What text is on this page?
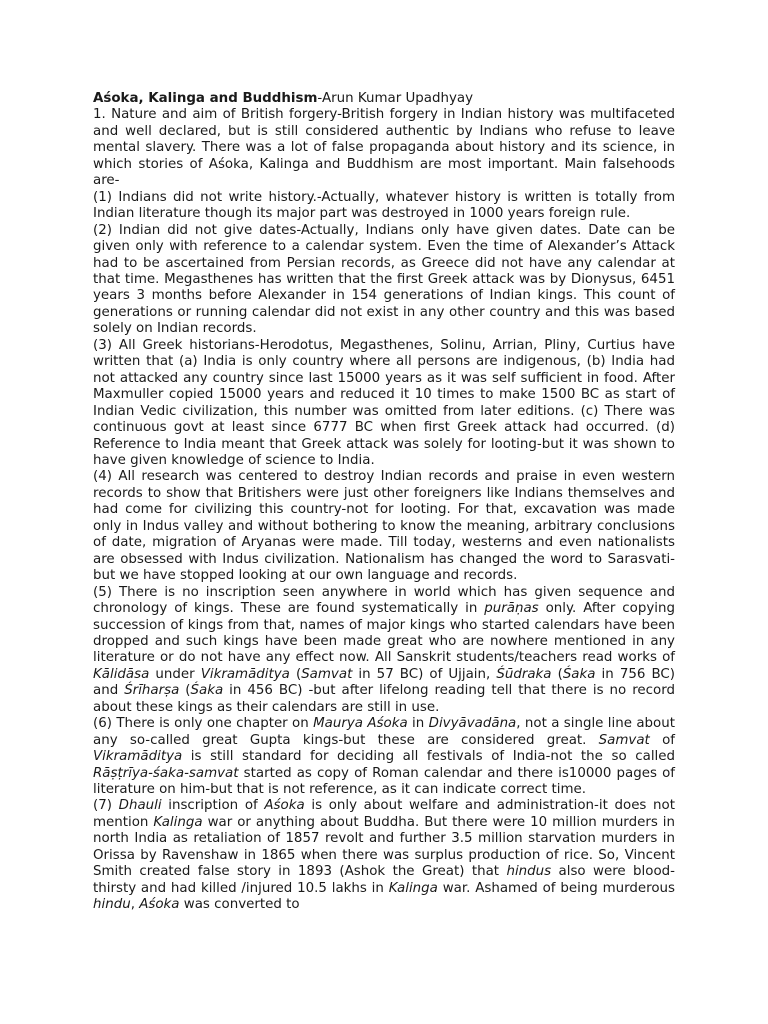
Aśoka, Kalinga and Buddhism-Arun Kumar Upadhyay

1. Nature and aim of British forgery-British forgery in Indian history was multifaceted and well declared, but is still considered authentic by Indians who refuse to leave mental slavery. There was a lot of false propaganda about history and its science, in which stories of Aśoka, Kalinga and Buddhism are most important. Main falsehoods are-

(1) Indians did not write history.-Actually, whatever history is written is totally from Indian literature though its major part was destroyed in 1000 years foreign rule.

(2) Indian did not give dates-Actually, Indians only have given dates. Date can be given only with reference to a calendar system. Even the time of Alexander’s Attack had to be ascertained from Persian records, as Greece did not have any calendar at that time. Megasthenes has written that the first Greek attack was by Dionysus, 6451 years 3 months before Alexander in 154 generations of Indian kings. This count of generations or running calendar did not exist in any other country and this was based solely on Indian records.

(3) All Greek historians-Herodotus, Megasthenes, Solinu, Arrian, Pliny, Curtius have written that (a) India is only country where all persons are indigenous, (b) India had not attacked any country since last 15000 years as it was self sufficient in food. After Maxmuller copied 15000 years and reduced it 10 times to make 1500 BC as start of Indian Vedic civilization, this number was omitted from later editions. (c) There was continuous govt at least since 6777 BC when first Greek attack had occurred. (d) Reference to India meant that Greek attack was solely for looting-but it was shown to have given knowledge of science to India.

(4) All research was centered to destroy Indian records and praise in even western records to show that Britishers were just other foreigners like Indians themselves and had come for civilizing this country-not for looting. For that, excavation was made only in Indus valley and without bothering to know the meaning, arbitrary conclusions of date, migration of Aryanas were made. Till today, westerns and even nationalists are obsessed with Indus civilization. Nationalism has changed the word to Sarasvati-but we have stopped looking at our own language and records.

(5) There is no inscription seen anywhere in world which has given sequence and chronology of kings. These are found systematically in purāṇas only. After copying succession of kings from that, names of major kings who started calendars have been dropped and such kings have been made great who are nowhere mentioned in any literature or do not have any effect now. All Sanskrit students/teachers read works of Kālidāsa under Vikramāditya (Samvat in 57 BC) of Ujjain, Śūdraka (Śaka in 756 BC) and Śrīharṣa (Śaka in 456 BC) -but after lifelong reading tell that there is no record about these kings as their calendars are still in use.

(6) There is only one chapter on Maurya Aśoka in Divyāvadāna, not a single line about any so-called great Gupta kings-but these are considered great. Samvat of Vikramāditya is still standard for deciding all festivals of India-not the so called Rāṣṭrīya-śaka-samvat started as copy of Roman calendar and there is10000 pages of literature on him-but that is not reference, as it can indicate correct time.

(7) Dhauli inscription of Aśoka is only about welfare and administration-it does not mention Kalinga war or anything about Buddha. But there were 10 million murders in north India as retaliation of 1857 revolt and further 3.5 million starvation murders in Orissa by Ravenshaw in 1865 when there was surplus production of rice. So, Vincent Smith created false story in 1893 (Ashok the Great) that hindus also were blood-thirsty and had killed /injured 10.5 lakhs in Kalinga war. Ashamed of being murderous hindu, Aśoka was converted to
